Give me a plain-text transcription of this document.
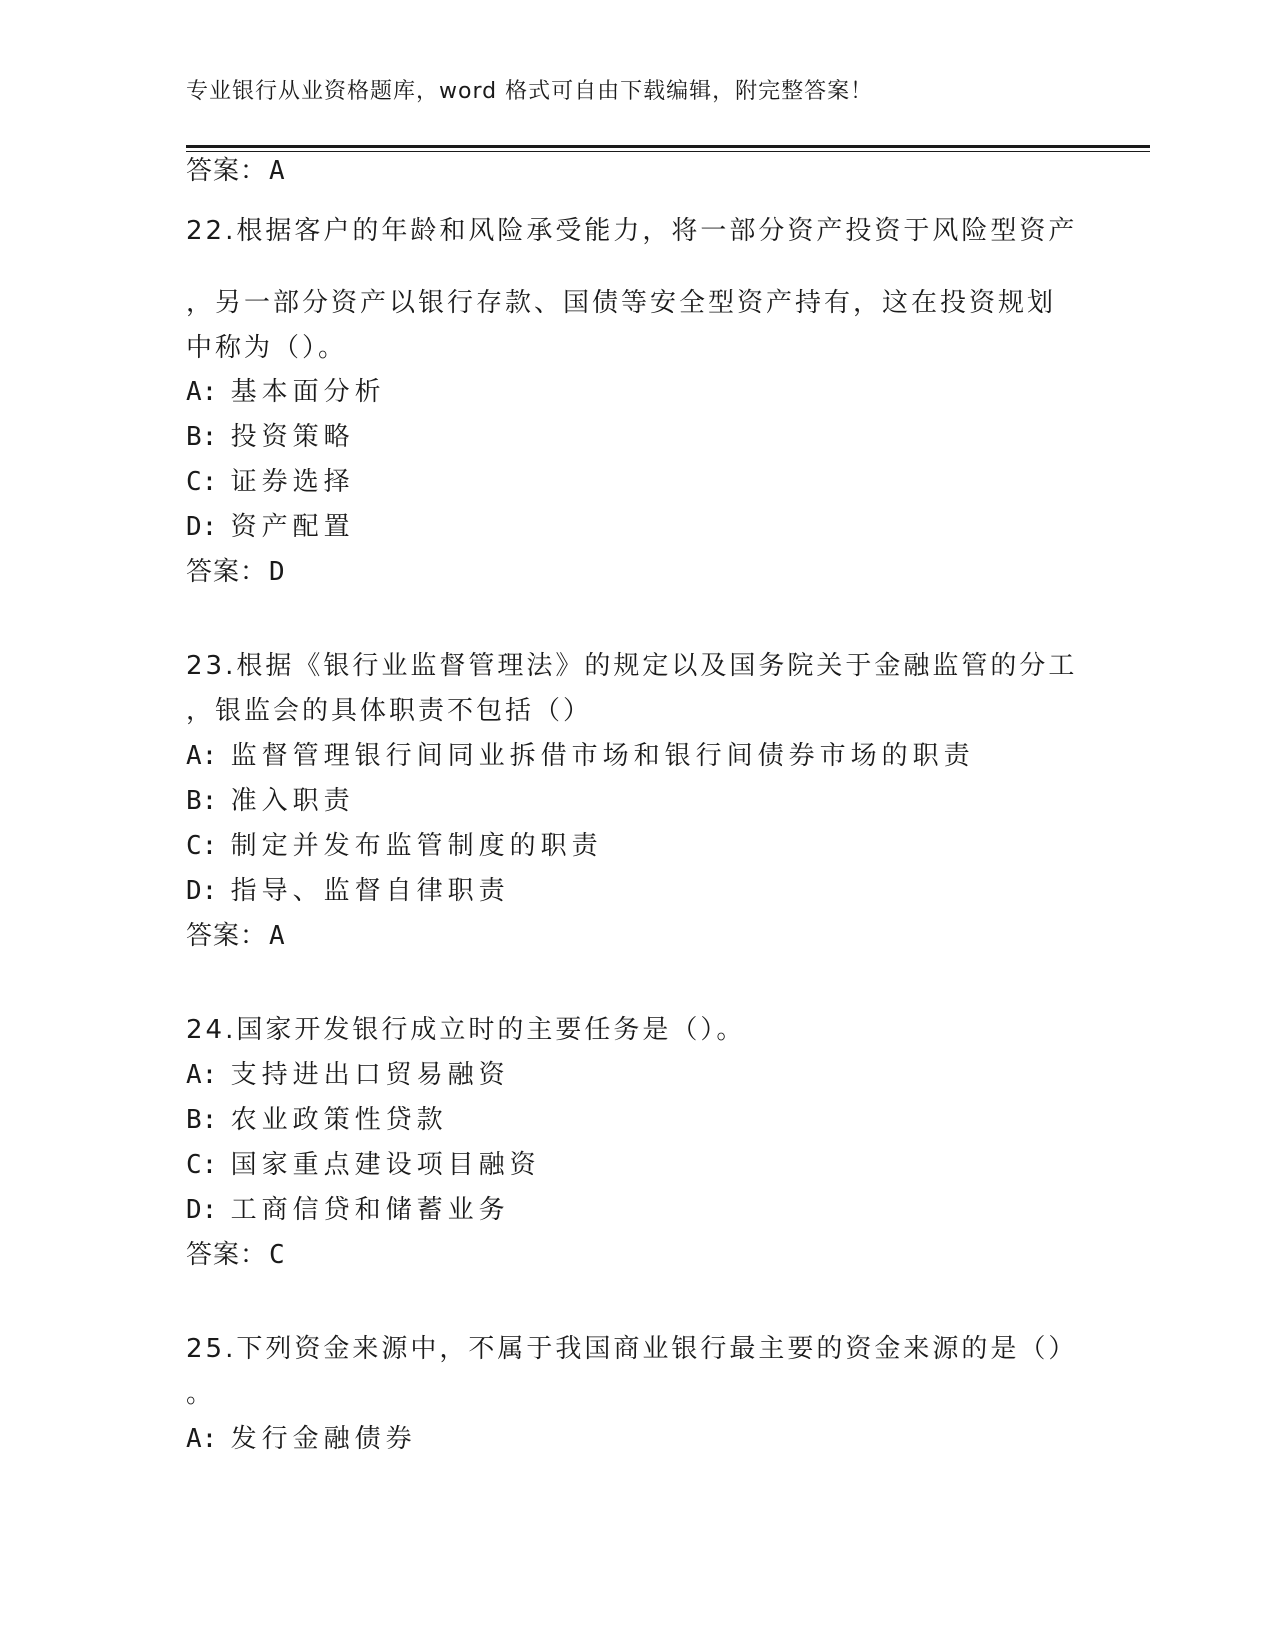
专业银行从业资格题库，word 格式可自由下载编辑，附完整答案！
答案：A
22.根据客户的年龄和风险承受能力，将一部分资产投资于风险型资产
，另一部分资产以银行存款、国债等安全型资产持有，这在投资规划
中称为（）。
A: 基本面分析
B: 投资策略
C: 证券选择
D: 资产配置
答案：D
23.根据《银行业监督管理法》的规定以及国务院关于金融监管的分工
，银监会的具体职责不包括（）
A: 监督管理银行间同业拆借市场和银行间债券市场的职责
B: 准入职责
C: 制定并发布监管制度的职责
D: 指导、监督自律职责
答案：A
24.国家开发银行成立时的主要任务是（）。
A: 支持进出口贸易融资
B: 农业政策性贷款
C: 国家重点建设项目融资
D: 工商信贷和储蓄业务
答案：C
25.下列资金来源中，不属于我国商业银行最主要的资金来源的是（）
。
A: 发行金融债券
